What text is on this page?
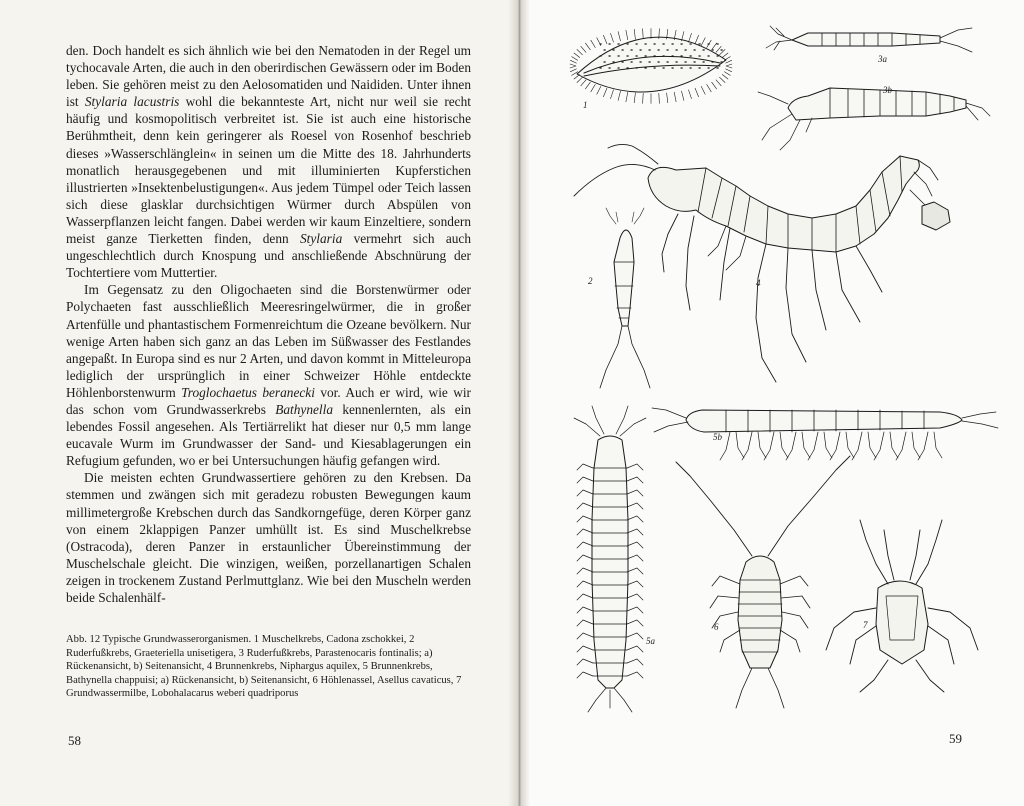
den. Doch handelt es sich ähnlich wie bei den Nematoden in der Regel um tychocavale Arten, die auch in den oberirdischen Gewässern oder im Boden leben. Sie gehören meist zu den Aelosomatiden und Naididen. Unter ihnen ist Stylaria lacustris wohl die bekannteste Art, nicht nur weil sie recht häufig und kosmopolitisch verbreitet ist. Sie ist auch eine historische Berühmtheit, denn kein geringerer als Roesel von Rosenhof beschrieb dieses »Wasserschlänglein« in seinen um die Mitte des 18. Jahrhunderts monatlich herausgegebenen und mit illuminierten Kupferstichen illustrierten »Insektenbelustigungen«. Aus jedem Tümpel oder Teich lassen sich diese glasklar durchsichtigen Würmer durch Abspülen von Wasserpflanzen leicht fangen. Dabei werden wir kaum Einzeltiere, sondern meist ganze Tierketten finden, denn Stylaria vermehrt sich auch ungeschlechtlich durch Knospung und anschließende Abschnürung der Tochtertiere vom Muttertier.

Im Gegensatz zu den Oligochaeten sind die Borstenwürmer oder Polychaeten fast ausschließlich Meeresringelwürmer, die in großer Artenfülle und phantastischem Formenreichtum die Ozeane bevölkern. Nur wenige Arten haben sich ganz an das Leben im Süßwasser des Festlandes angepaßt. In Europa sind es nur 2 Arten, und davon kommt in Mitteleuropa lediglich der ursprünglich in einer Schweizer Höhle entdeckte Höhlenborstenwurm Troglochaetus beranecki vor. Auch er wird, wie wir das schon vom Grundwasserkrebs Bathynella kennenlernten, als ein lebendes Fossil angesehen. Als Tertiärrelikt hat dieser nur 0,5 mm lange eucavale Wurm im Grundwasser der Sand- und Kiesablagerungen ein Refugium gefunden, wo er bei Untersuchungen häufig gefangen wird.

Die meisten echten Grundwassertiere gehören zu den Krebsen. Da stemmen und zwängen sich mit geradezu robusten Bewegungen kaum millimetergroße Krebschen durch das Sandkorngefüge, deren Körper ganz von einem 2klappigen Panzer umhüllt ist. Es sind Muschelkrebse (Ostracoda), deren Panzer in erstaunlicher Übereinstimmung der Muschelschale gleicht. Die winzigen, weißen, porzellanartigen Schalen zeigen in trockenem Zustand Perlmuttglanz. Wie bei den Muscheln werden beide Schalenhälf-

Abb. 12 Typische Grundwasserorganismen. 1 Muschelkrebs, Cadona zschokkei, 2 Ruderfußkrebs, Graeteriella unisetigera, 3 Ruderfußkrebs, Parastenocaris fontinalis; a) Rückenansicht, b) Seitenansicht, 4 Brunnenkrebs, Niphargus aquilex, 5 Brunnenkrebs, Bathynella chappuisi; a) Rückenansicht, b) Seitenansicht, 6 Höhlenassel, Asellus cavaticus, 7 Grundwassermilbe, Lobohalacarus weberi quadriporus

58
1
3a
3b
2	4
5b
5a
6	7
59
